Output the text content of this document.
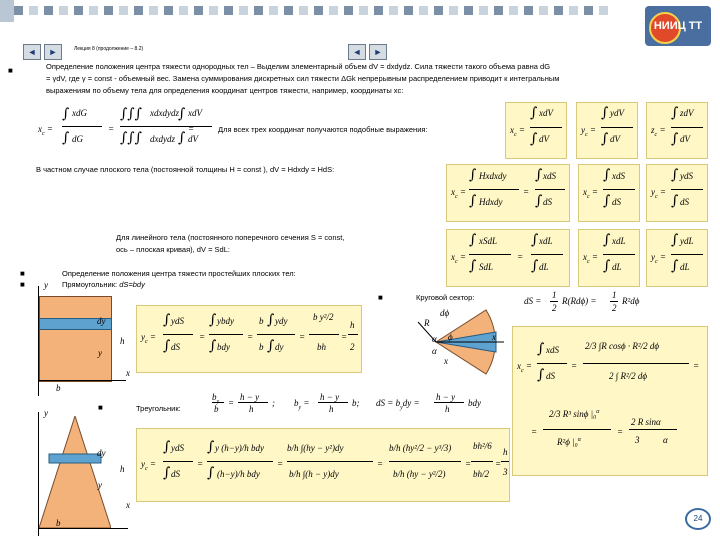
НИИЦ ТТ
◄	►	Лекция 8 (продолжение – 8.2)	◄	►
■	Определение положения центра тяжести однородных тел – Выделим элементарный объем dV = dxdydz. Сила тяжести такого объема равна dG
= γdV, где γ = const - объемный вес. Замена суммирования дискретных сил тяжести ΔGk непрерывным распределением приводит к интегральным
выражениям по объему тела для определения координат центров тяжести, например, координаты xc:
$x_c$ =
∫ xdG
∫ dG
=
∫∫∫ xdxdydz
∫∫∫ dxdydz
=
∫ xdV
∫ dV
Для всех трех координат получаются подобные выражения:	$x_c$ =
∫ xdV
∫ dV
$y_c$ =
∫ ydV
∫ dV
$z_c$ =
∫ zdV
∫ dV
В частном случае плоского тела (постоянной толщины H = const ), dV = Hdxdy = HdS:
$x_c$ =
∫ Hxdxdy
∫ Hdxdy
=
∫ xdS
∫ dS
$x_c$ =
∫ xdS
∫ dS
$y_c$ =
∫ ydS
∫ dS
Для линейного тела (постоянного поперечного сечения S = const,
ось – плоская кривая), dV = SdL:
$x_c$ =
∫ xSdL
∫ SdL
=
∫ xdL
∫ dL
$x_c$ =
∫ xdL
∫ dL
$y_c$ =
∫ ydL
∫ dL
■	Определение положения центра тяжести простейших плоских тел:
■	Прямоугольник: dS=bdy
y
dy
y
h
b
x
$y_c$ =
∫ ydS
∫ dS
=
∫ ybdy
∫ bdy
=
b ∫ ydy
b ∫ dy
=
b y²/2
bh
=
h
2
y
dy
y
h
b
x
■	Треугольник:
$b_y$
b
=
h − y
h
; $b_y$ =
h − y
h
b; dS = $b_ydy$ =
h − y
h
bdy
$y_c$ =
∫ ydS
∫ dS
=
∫ y (h−y)/h bdy
∫ (h−y)/h bdy
=
b/h ∫(hy − y²)dy
b/h ∫(h − y)dy
=
b/h (hy²/2 − y³/3)
b/h (hy − y²/2)
=
bh²/6
bh/2
=
h
3
■	Круговой сектор:	dS =
1
2
R(Rdϕ) =
1
2
R²dϕ
dϕ
R
α ϕ
α
x
x	$x_c$ =
∫ xdS
∫ dS
=
2/3 ∫R cosϕ · R²/2 dϕ
2 ∫ R²/2 dϕ
=
2/3 R³ sinϕ |₀$^\alpha$
R²ϕ |₀$^\alpha$
=	=
2 R sinα
3	α
24
